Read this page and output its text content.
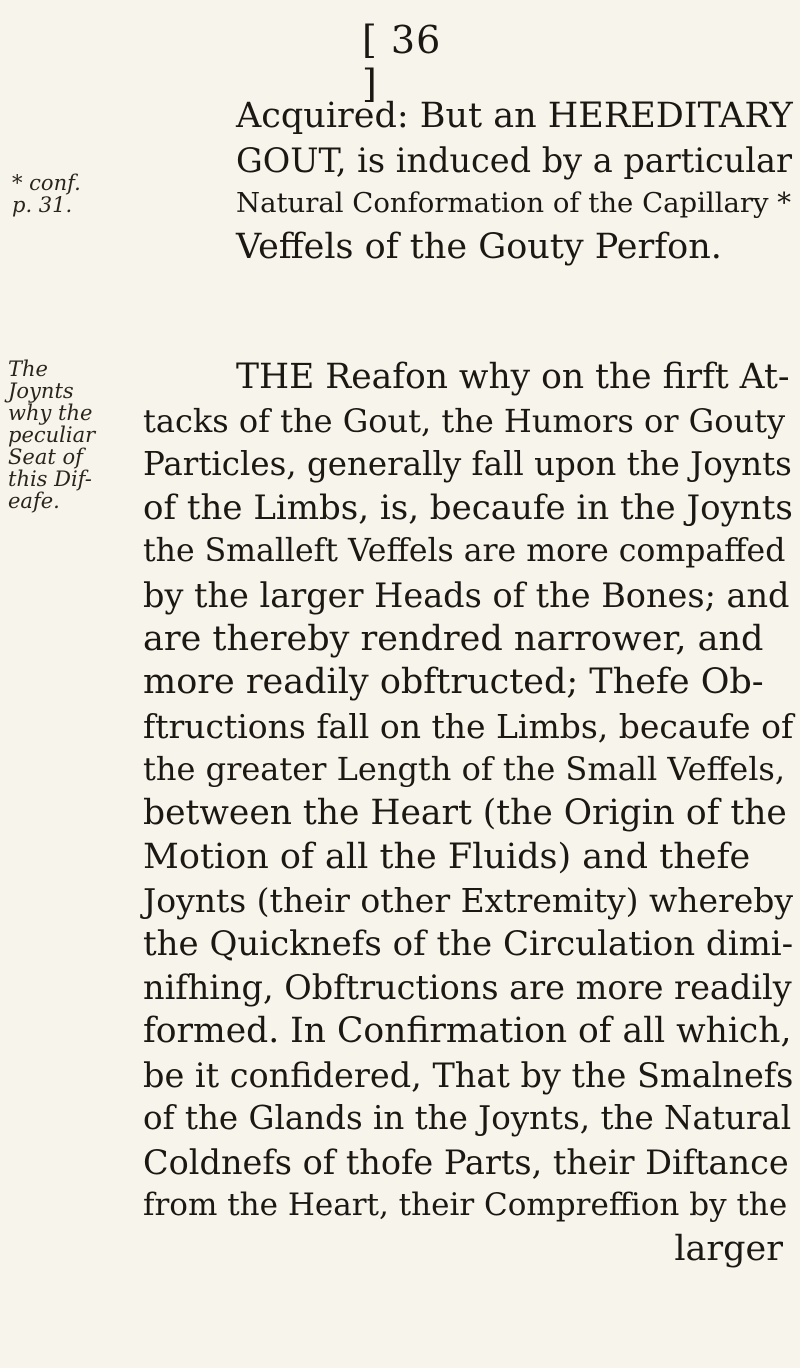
[ 36 ]
* conf.
p. 31.
The Joynts
why the
peculiar
Seat of
this Dif-
eafe.
Acquired: But an HEREDITARY
GOUT, is induced by a particular
Natural Conformation of the Capillary *
Veffels of the Gouty Perfon.
THE Reafon why on the firft At-
tacks of the Gout, the Humors or Gouty
Particles, generally fall upon the Joynts
of the Limbs, is, becaufe in the Joynts
the Smalleft Veffels are more compaffed
by the larger Heads of the Bones; and
are thereby rendred narrower, and
more readily obftructed; Thefe Ob-
ftructions fall on the Limbs, becaufe of
the greater Length of the Small Veffels,
between the Heart (the Origin of the
Motion of all the Fluids) and thefe
Joynts (their other Extremity) whereby
the Quicknefs of the Circulation dimi-
nifhing, Obftructions are more readily
formed. In Confirmation of all which,
be it confidered, That by the Smalnefs
of the Glands in the Joynts, the Natural
Coldnefs of thofe Parts, their Diftance
from the Heart, their Compreffion by the
larger
